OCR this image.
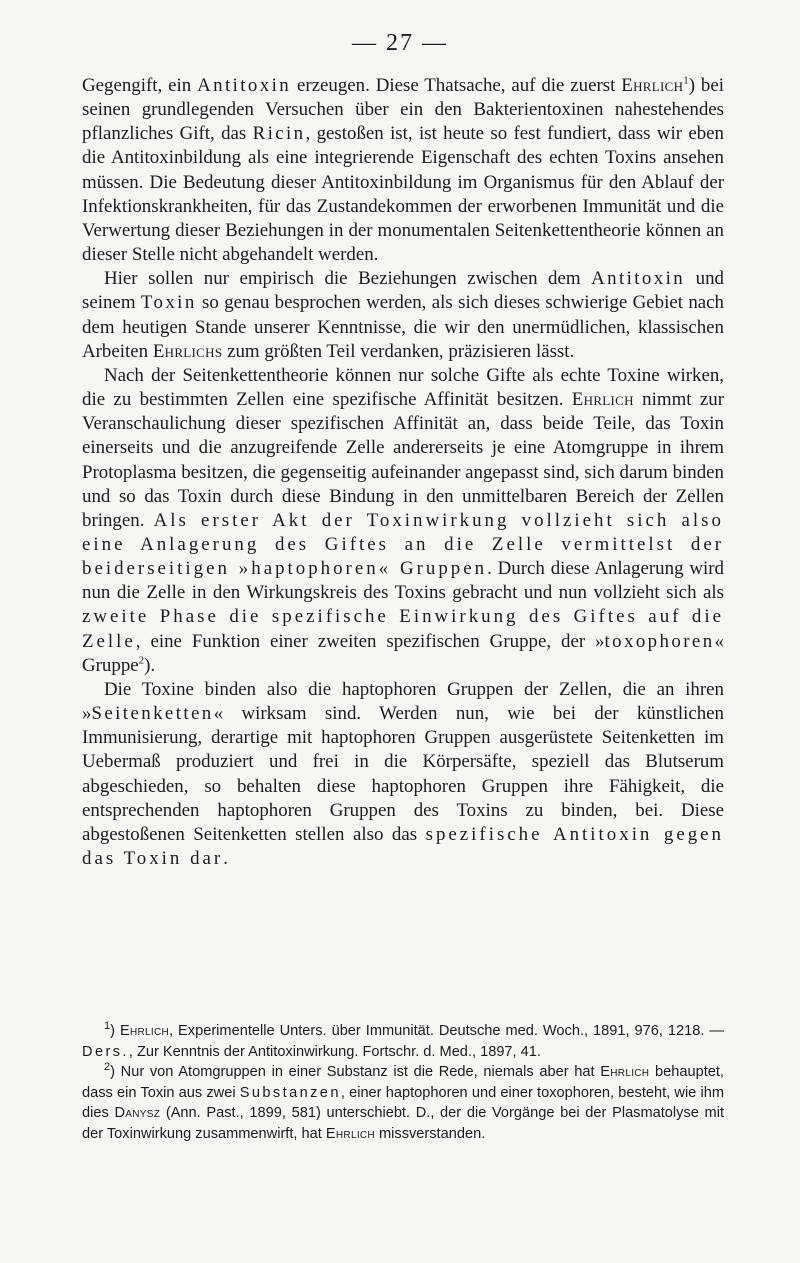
— 27 —

Gegengift, ein Antitoxin erzeugen. Diese Thatsache, auf die zuerst Ehrlich$^1$) bei seinen grundlegenden Versuchen über ein den Bakterientoxinen nahestehendes pflanzliches Gift, das Ricin, gestoßen ist, ist heute so fest fundiert, dass wir eben die Antitoxinbildung als eine integrierende Eigenschaft des echten Toxins ansehen müssen. Die Bedeutung dieser Antitoxinbildung im Organismus für den Ablauf der Infektionskrankheiten, für das Zustandekommen der erworbenen Immunität und die Verwertung dieser Beziehungen in der monumentalen Seitenkettentheorie können an dieser Stelle nicht abgehandelt werden.

Hier sollen nur empirisch die Beziehungen zwischen dem Antitoxin und seinem Toxin so genau besprochen werden, als sich dieses schwierige Gebiet nach dem heutigen Stande unserer Kenntnisse, die wir den unermüdlichen, klassischen Arbeiten Ehrlichs zum größten Teil verdanken, präzisieren lässt.

Nach der Seitenkettentheorie können nur solche Gifte als echte Toxine wirken, die zu bestimmten Zellen eine spezifische Affinität besitzen. Ehrlich nimmt zur Veranschaulichung dieser spezifischen Affinität an, dass beide Teile, das Toxin einerseits und die anzugreifende Zelle andererseits je eine Atomgruppe in ihrem Protoplasma besitzen, die gegenseitig aufeinander angepasst sind, sich darum binden und so das Toxin durch diese Bindung in den unmittelbaren Bereich der Zellen bringen. Als erster Akt der Toxinwirkung vollzieht sich also eine Anlagerung des Giftes an die Zelle vermittelst der beiderseitigen »haptophoren« Gruppen. Durch diese Anlagerung wird nun die Zelle in den Wirkungskreis des Toxins gebracht und nun vollzieht sich als zweite Phase die spezifische Einwirkung des Giftes auf die Zelle, eine Funktion einer zweiten spezifischen Gruppe, der »toxophoren« Gruppe$^2$).

Die Toxine binden also die haptophoren Gruppen der Zellen, die an ihren »Seitenketten« wirksam sind. Werden nun, wie bei der künstlichen Immunisierung, derartige mit haptophoren Gruppen ausgerüstete Seitenketten im Uebermaß produziert und frei in die Körpersäfte, speziell das Blutserum abgeschieden, so behalten diese haptophoren Gruppen ihre Fähigkeit, die entsprechenden haptophoren Gruppen des Toxins zu binden, bei. Diese abgestoßenen Seitenketten stellen also das spezifische Antitoxin gegen das Toxin dar.

$^1$) Ehrlich, Experimentelle Unters. über Immunität. Deutsche med. Woch., 1891, 976, 1218. — Ders., Zur Kenntnis der Antitoxinwirkung. Fortschr. d. Med., 1897, 41.

$^2$) Nur von Atomgruppen in einer Substanz ist die Rede, niemals aber hat Ehrlich behauptet, dass ein Toxin aus zwei Substanzen, einer haptophoren und einer toxophoren, besteht, wie ihm dies Danysz (Ann. Past., 1899, 581) unterschiebt. D., der die Vorgänge bei der Plasmatolyse mit der Toxinwirkung zusammenwirft, hat Ehrlich missverstanden.
